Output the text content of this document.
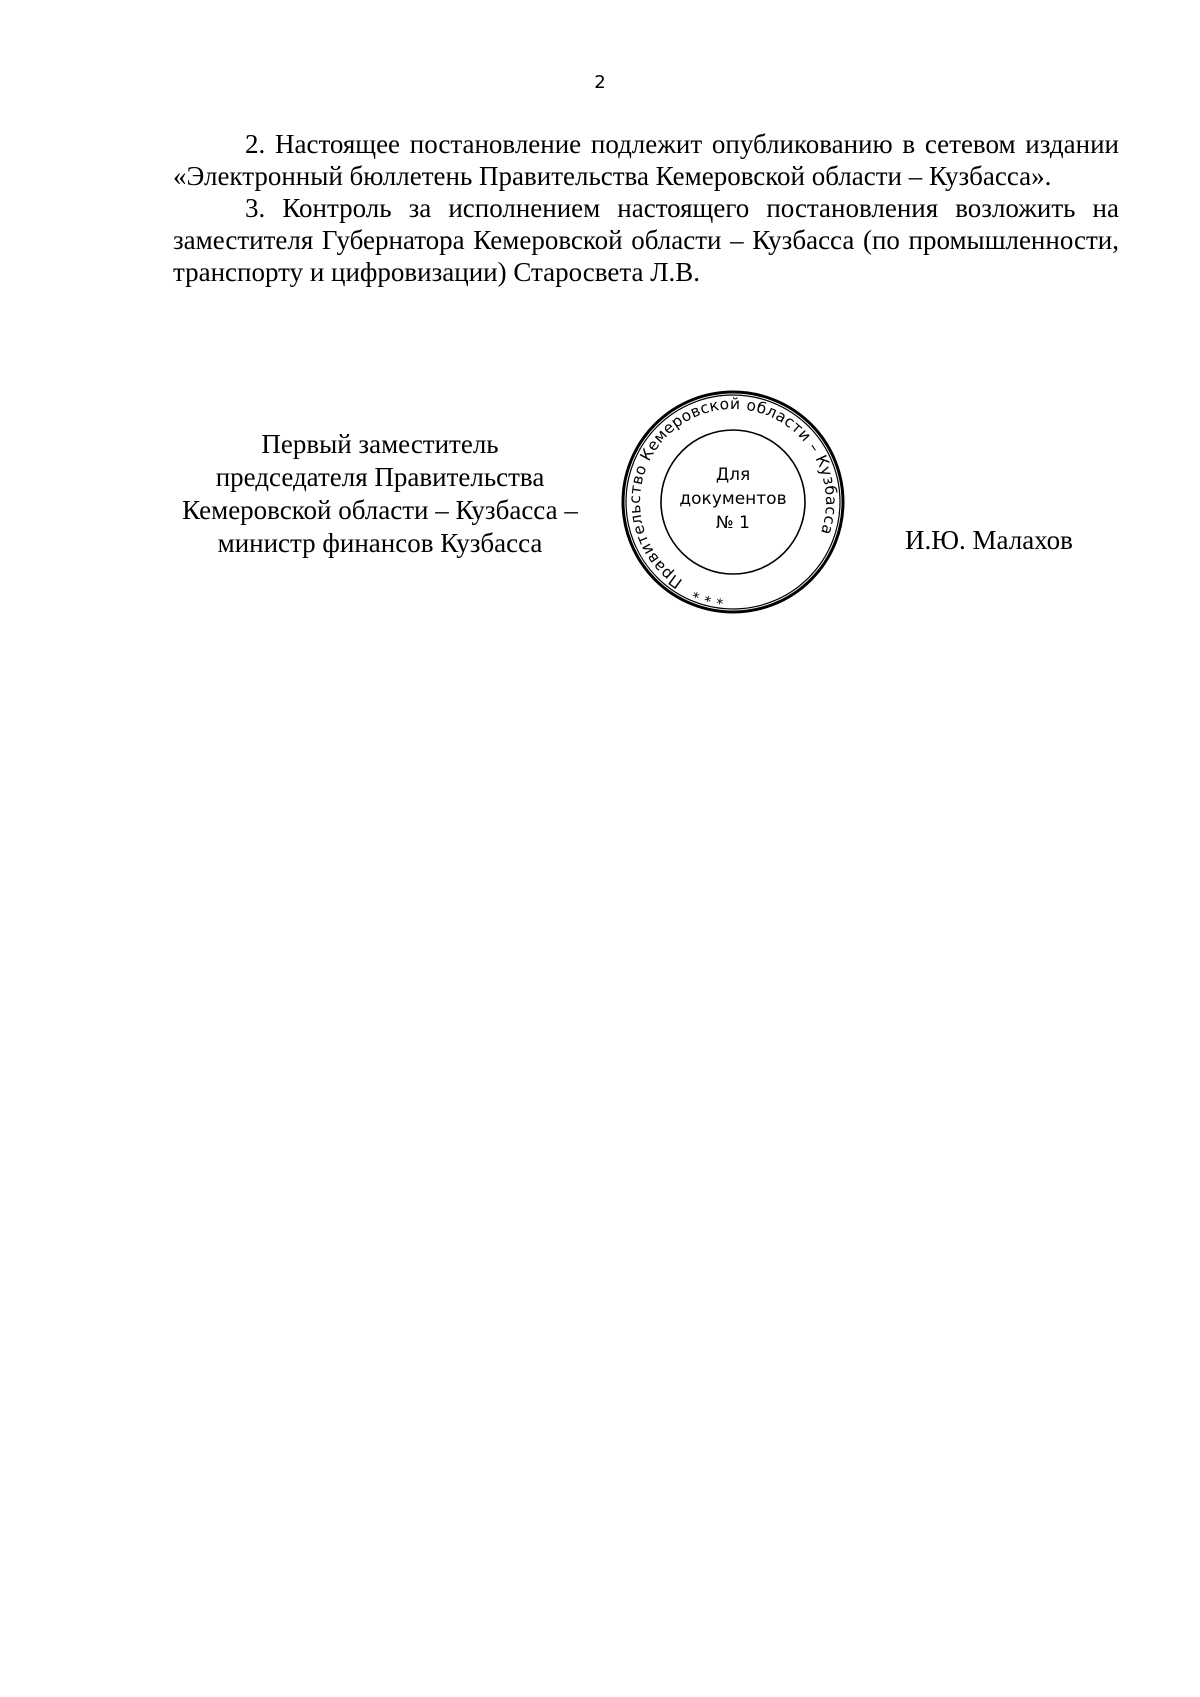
2

2. Настоящее постановление подлежит опубликованию в сетевом издании «Электронный бюллетень Правительства Кемеровской области – Кузбасса».

3. Контроль за исполнением настоящего постановления возложить на заместителя Губернатора Кемеровской области – Кузбасса (по промышленности, транспорту и цифровизации) Старосвета Л.В.

Первый заместитель
председателя Правительства
Кемеровской области – Кузбасса –
министр финансов Кузбасса
Правительство Кемеровской области – Кузбасса
* * *
Для
документов
№ 1
И.Ю. Малахов
